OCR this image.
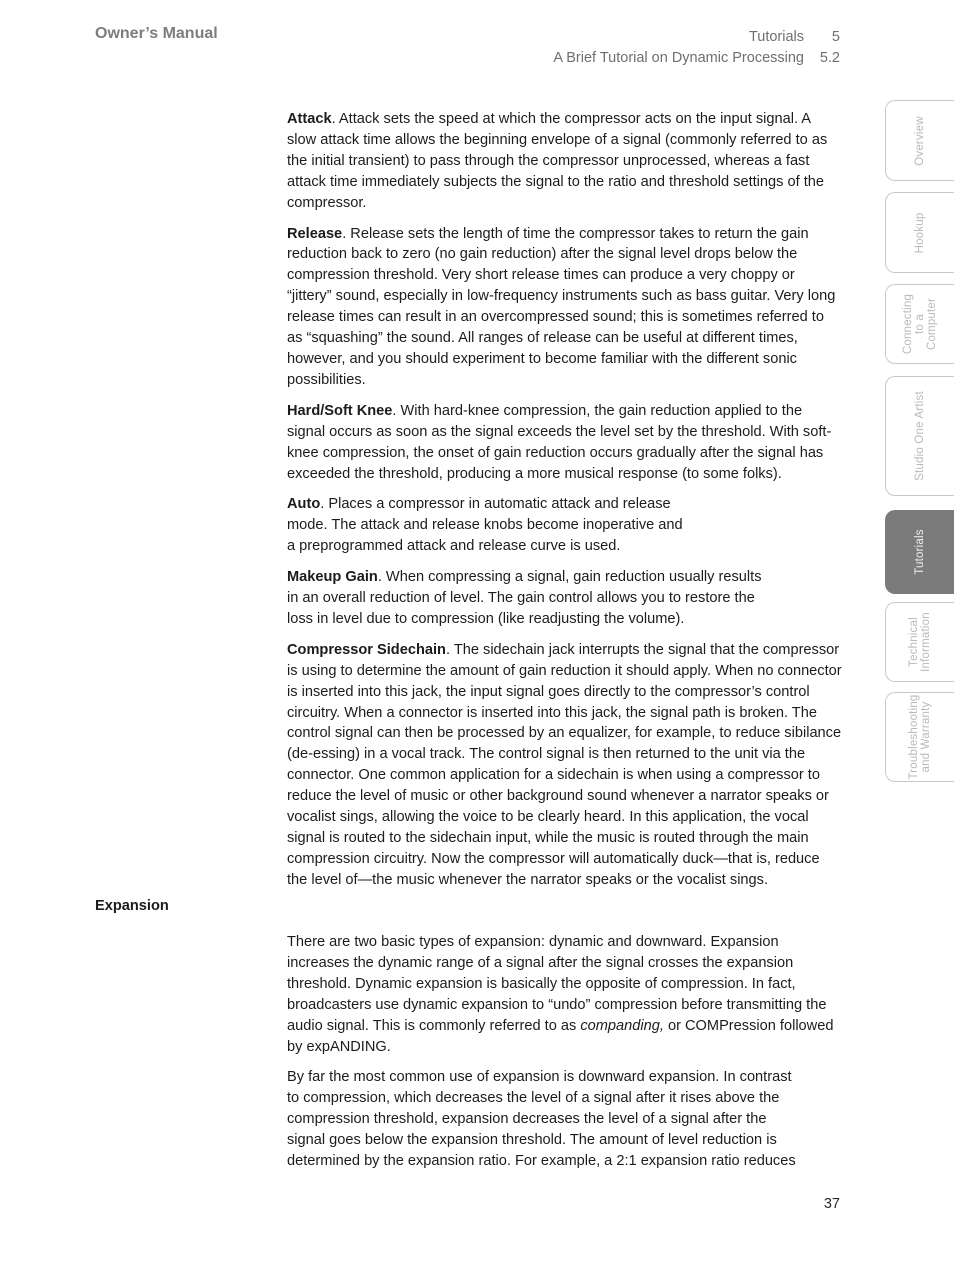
Owner’s Manual	Tutorials 5
A Brief Tutorial on Dynamic Processing 5.2

Attack. Attack sets the speed at which the compressor acts on the input signal. A slow attack time allows the beginning envelope of a signal (commonly referred to as the initial transient) to pass through the compressor unprocessed, whereas a fast attack time immediately subjects the signal to the ratio and threshold settings of the compressor.

Release. Release sets the length of time the compressor takes to return the gain reduction back to zero (no gain reduction) after the signal level drops below the compression threshold. Very short release times can produce a very choppy or “jittery” sound, especially in low-frequency instruments such as bass guitar. Very long release times can result in an overcompressed sound; this is sometimes referred to as “squashing” the sound. All ranges of release can be useful at different times, however, and you should experiment to become familiar with the different sonic possibilities.

Hard/Soft Knee. With hard-knee compression, the gain reduction applied to the signal occurs as soon as the signal exceeds the level set by the threshold. With soft-knee compression, the onset of gain reduction occurs gradually after the signal has exceeded the threshold, producing a more musical response (to some folks).

Auto. Places a compressor in automatic attack and release mode. The attack and release knobs become inoperative and a preprogrammed attack and release curve is used.

Makeup Gain. When compressing a signal, gain reduction usually results in an overall reduction of level. The gain control allows you to restore the loss in level due to compression (like readjusting the volume).

Compressor Sidechain. The sidechain jack interrupts the signal that the compressor is using to determine the amount of gain reduction it should apply. When no connector is inserted into this jack, the input signal goes directly to the compressor’s control circuitry. When a connector is inserted into this jack, the signal path is broken. The control signal can then be processed by an equalizer, for example, to reduce sibilance (de-essing) in a vocal track. The control signal is then returned to the unit via the connector. One common application for a sidechain is when using a compressor to reduce the level of music or other background sound whenever a narrator speaks or vocalist sings, allowing the voice to be clearly heard. In this application, the vocal signal is routed to the sidechain input, while the music is routed through the main compression circuitry. Now the compressor will automatically duck—that is, reduce the level of—the music whenever the narrator speaks or the vocalist sings.

Expansion

There are two basic types of expansion: dynamic and downward. Expansion increases the dynamic range of a signal after the signal crosses the expansion threshold. Dynamic expansion is basically the opposite of compression. In fact, broadcasters use dynamic expansion to “undo” compression before transmitting the audio signal. This is commonly referred to as companding, or COMPression followed by expANDING.

By far the most common use of expansion is downward expansion. In contrast to compression, which decreases the level of a signal after it rises above the compression threshold, expansion decreases the level of a signal after the signal goes below the expansion threshold. The amount of level reduction is determined by the expansion ratio. For example, a 2:1 expansion ratio reduces

37
Overview
Hookup
Connecting
to a
Computer
Studio One Artist
Tutorials
Technical
Information
Troubleshooting
and Warranty
